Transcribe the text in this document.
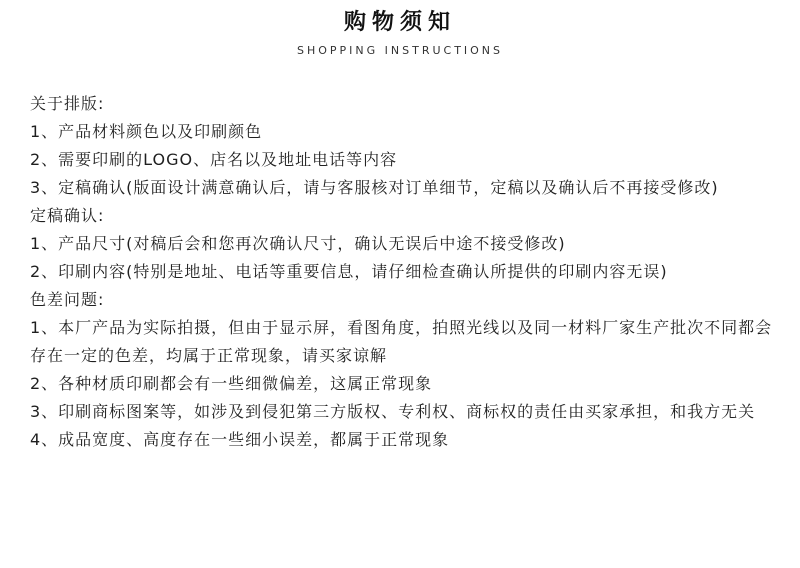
购物须知
SHOPPING INSTRUCTIONS
关于排版:
1、产品材料颜色以及印刷颜色
2、需要印刷的LOGO、店名以及地址电话等内容
3、定稿确认(版面设计满意确认后，请与客服核对订单细节，定稿以及确认后不再接受修改)
定稿确认:
1、产品尺寸(对稿后会和您再次确认尺寸，确认无误后中途不接受修改)
2、印刷内容(特别是地址、电话等重要信息，请仔细检查确认所提供的印刷内容无误)
色差问题:
1、本厂产品为实际拍摄，但由于显示屏，看图角度，拍照光线以及同一材料厂家生产批次不同都会存在一定的色差，均属于正常现象，请买家谅解
2、各种材质印刷都会有一些细微偏差，这属正常现象
3、印刷商标图案等，如涉及到侵犯第三方版权、专利权、商标权的责任由买家承担，和我方无关
4、成品宽度、高度存在一些细小误差，都属于正常现象
